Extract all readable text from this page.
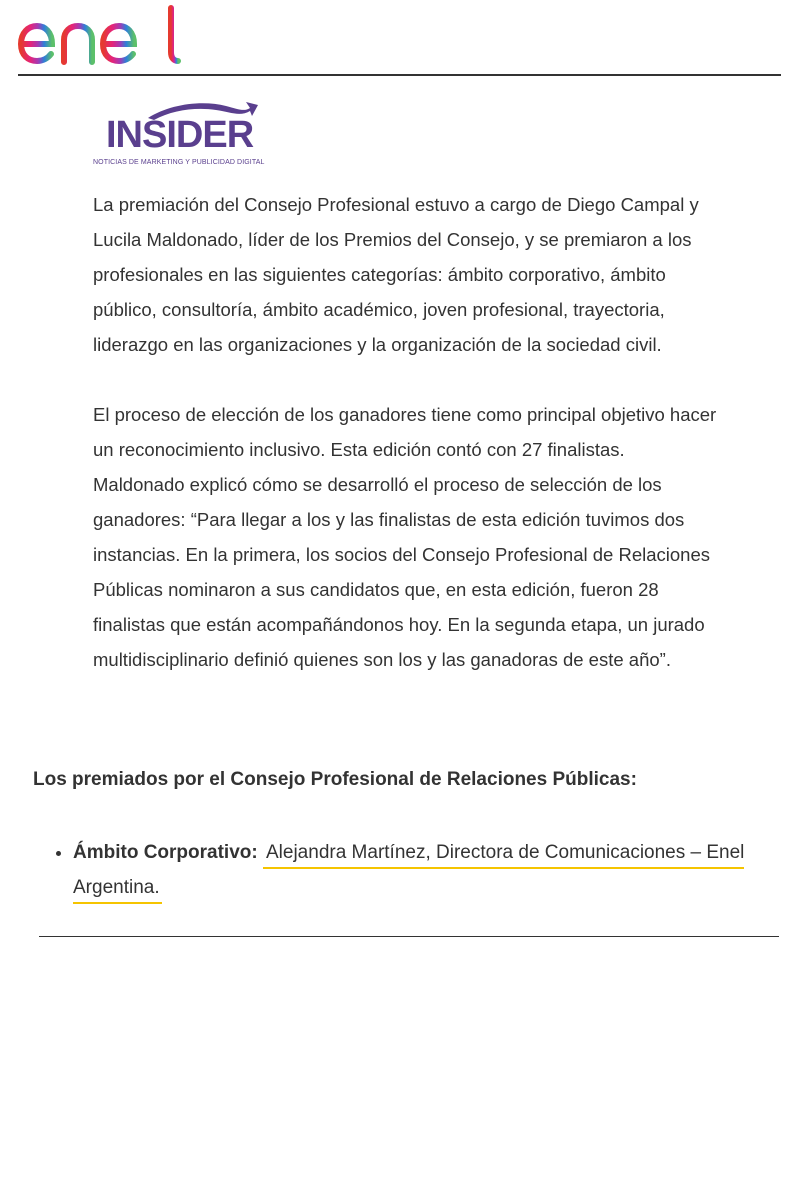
INSIDER
NOTICIAS DE MARKETING Y PUBLICIDAD DIGITAL

La premiación del Consejo Profesional estuvo a cargo de Diego Campal y Lucila Maldonado, líder de los Premios del Consejo, y se premiaron a los profesionales en las siguientes categorías: ámbito corporativo, ámbito público, consultoría, ámbito académico, joven profesional, trayectoria, liderazgo en las organizaciones y la organización de la sociedad civil.

El proceso de elección de los ganadores tiene como principal objetivo hacer un reconocimiento inclusivo. Esta edición contó con 27 finalistas. Maldonado explicó cómo se desarrolló el proceso de selección de los ganadores: “Para llegar a los y las finalistas de esta edición tuvimos dos instancias. En la primera, los socios del Consejo Profesional de Relaciones Públicas nominaron a sus candidatos que, en esta edición, fueron 28 finalistas que están acompañándonos hoy. En la segunda etapa, un jurado multidisciplinario definió quienes son los y las ganadoras de este año”.

Los premiados por el Consejo Profesional de Relaciones Públicas:
• Ámbito Corporativo: Alejandra Martínez, Directora de Comunicaciones – Enel Argentina.
